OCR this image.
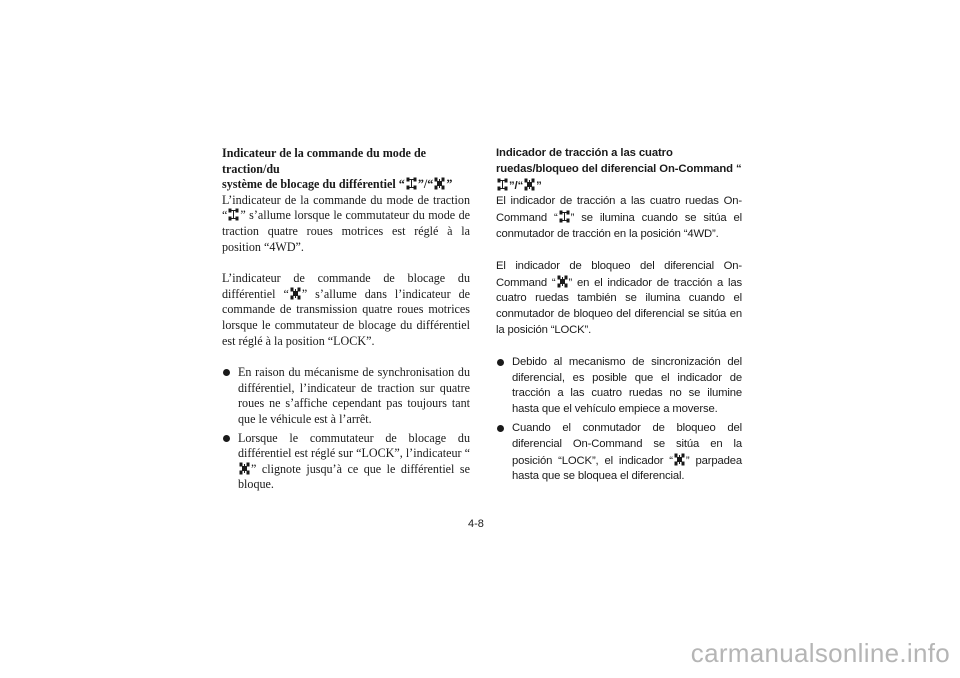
Indicateur de la commande du mode de traction/du
système de blocage du différentiel “ ”/“ ”

L’indicateur de la commande du mode de traction “ ” s’allume lorsque le commutateur du mode de traction quatre roues motrices est réglé à la position “4WD”.

L’indicateur de commande de blocage du différentiel “ ” s’allume dans l’indicateur de commande de transmission quatre roues motrices lorsque le commutateur de blocage du différentiel est réglé à la position “LOCK”.

En raison du mécanisme de synchronisation du différentiel, l’indicateur de traction sur quatre roues ne s’affiche cependant pas toujours tant que le véhicule est à l’arrêt.
Lorsque le commutateur de blocage du différentiel est réglé sur “LOCK”, l’indicateur “” clignote jusqu’à ce que le différentiel se bloque.
Indicador de tracción a las cuatro ruedas/bloqueo del diferencial On-Command “”/“ ”

El indicador de tracción a las cuatro ruedas On-Command “ ” se ilumina cuando se sitúa el conmutador de tracción en la posición “4WD”.

El indicador de bloqueo del diferencial On-Command “ ” en el indicador de tracción a las cuatro ruedas también se ilumina cuando el conmutador de bloqueo del diferencial se sitúa en la posición “LOCK”.

Debido al mecanismo de sincronización del diferencial, es posible que el indicador de tracción a las cuatro ruedas no se ilumine hasta que el vehículo empiece a moverse.
Cuando el conmutador de bloqueo del diferencial On-Command se sitúa en la posición “LOCK”, el indicador “ ” parpadea hasta que se bloquea el diferencial.
4-8
carmanualsonline.info
